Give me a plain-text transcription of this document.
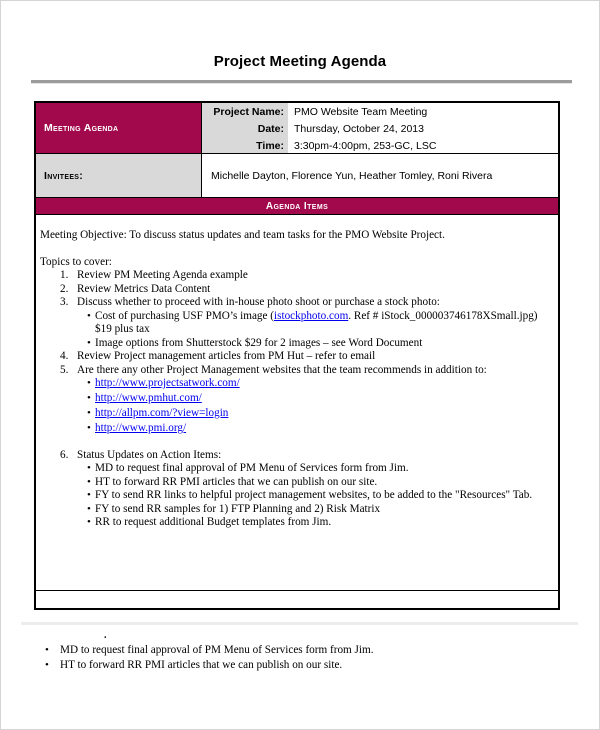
Project Meeting Agenda
Meeting Agenda
Project Name:
Date:
Time:
PMO Website Team Meeting
Thursday, October 24, 2013
3:30pm-4:00pm, 253-GC, LSC
Invitees:	Michelle Dayton, Florence Yun, Heather Tomley, Roni Rivera
Agenda Items
Meeting Objective: To discuss status updates and team tasks for the PMO Website Project.
Topics to cover:
1. Review PM Meeting Agenda example
2. Review Metrics Data Content
3. Discuss whether to proceed with in-house photo shoot or purchase a stock photo:
•
Cost of purchasing USF PMO’s image (istockphoto.com. Ref # iStock_000003746178XSmall.jpg) $19 plus tax
•
Image options from Shutterstock $29 for 2 images – see Word Document
4. Review Project management articles from PM Hut – refer to email
5. Are there any other Project Management websites that the team recommends in addition to:
•
http://www.projectsatwork.com/
•
http://www.pmhut.com/
•
http://allpm.com/?view=login
•
http://www.pmi.org/
6. Status Updates on Action Items:
•
MD to request final approval of PM Menu of Services form from Jim.
•
HT to forward RR PMI articles that we can publish on our site.
•
FY to send RR links to helpful project management websites, to be added to the "Resources" Tab.
•
FY to send RR samples for 1) FTP Planning and 2) Risk Matrix
•
RR to request additional Budget templates from Jim.
.
•
MD to request final approval of PM Menu of Services form from Jim.
•
HT to forward RR PMI articles that we can publish on our site.
